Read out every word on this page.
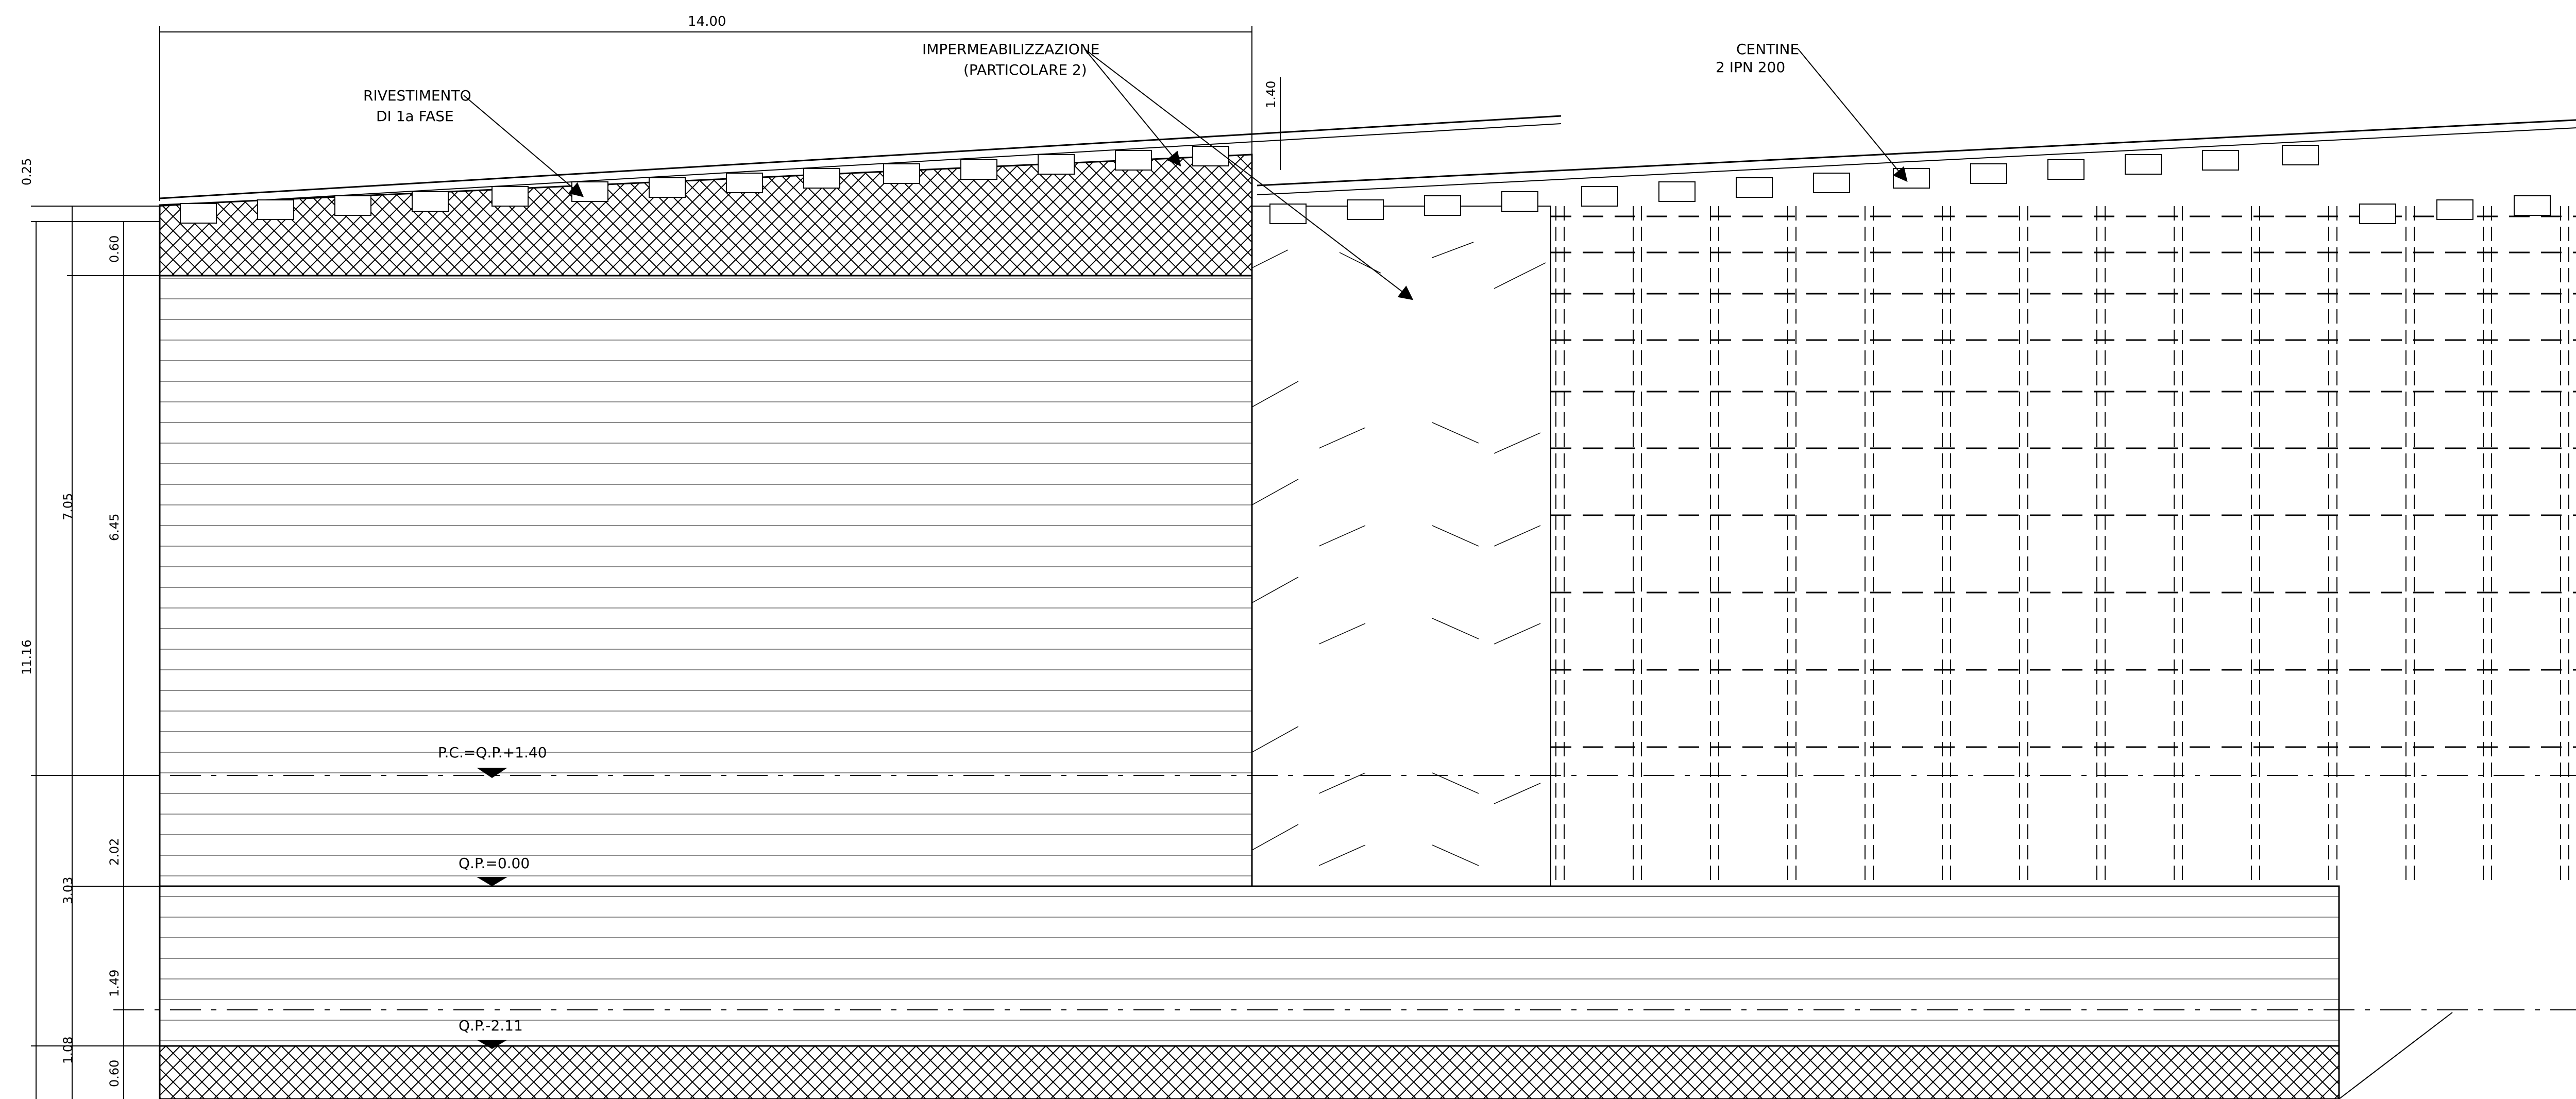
14.00
1.40
RIVESTIMENTO
DI 1a FASE
IMPERMEABILIZZAZIONE
(PARTICOLARE 2)
CENTINE
2 IPN 200
P.C.=Q.P.+1.40
Q.P.=0.00
Q.P.-2.11
0.25
0.60
7.05
6.45
11.16
2.02
3.03
1.49
1.08
0.60
